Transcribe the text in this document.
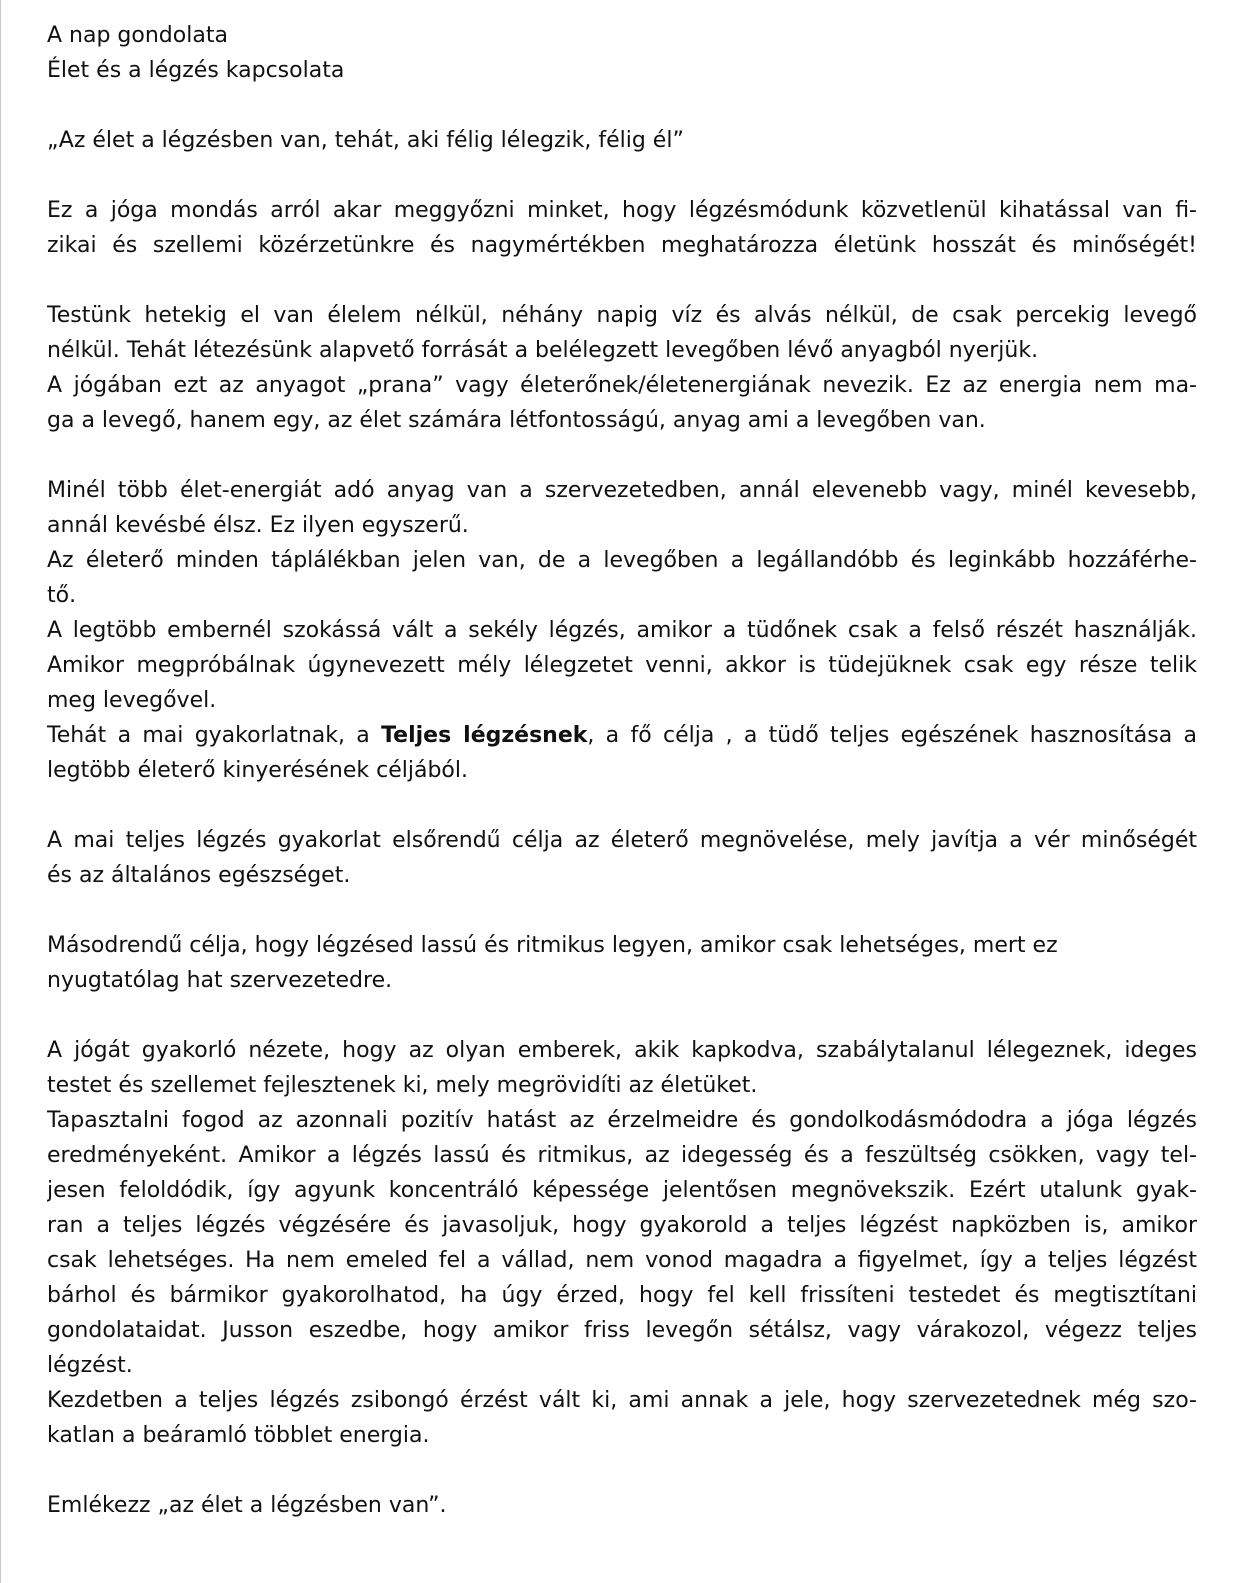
A nap gondolata
Élet és a légzés kapcsolata
„Az élet a légzésben van, tehát, aki félig lélegzik, félig él”
Ez a jóga mondás arról akar meggyőzni minket, hogy légzésmódunk közvetlenül kihatással van fi-
zikai és szellemi közérzetünkre és nagymértékben meghatározza életünk hosszát és minőségét!
Testünk hetekig el van élelem nélkül, néhány napig víz és alvás nélkül, de csak percekig levegő
nélkül. Tehát létezésünk alapvető forrását a belélegzett levegőben lévő anyagból nyerjük.
A jógában ezt az anyagot „prana” vagy életerőnek/életenergiának nevezik. Ez az energia nem ma-
ga a levegő, hanem egy, az élet számára létfontosságú, anyag ami a levegőben van.
Minél több élet-energiát adó anyag van a szervezetedben, annál elevenebb vagy, minél kevesebb,
annál kevésbé élsz. Ez ilyen egyszerű.
Az életerő minden táplálékban jelen van, de a levegőben a legállandóbb és leginkább hozzáférhe-
tő.
A legtöbb embernél szokássá vált a sekély légzés, amikor a tüdőnek csak a felső részét használják.
Amikor megpróbálnak úgynevezett mély lélegzetet venni, akkor is tüdejüknek csak egy része telik
meg levegővel.
Tehát a mai gyakorlatnak, a Teljes légzésnek, a fő célja , a tüdő teljes egészének hasznosítása a
legtöbb életerő kinyerésének céljából.
A mai teljes légzés gyakorlat elsőrendű célja az életerő megnövelése, mely javítja a vér minőségét
és az általános egészséget.
Másodrendű célja, hogy légzésed lassú és ritmikus legyen, amikor csak lehetséges, mert ez
nyugtatólag hat szervezetedre.
A jógát gyakorló nézete, hogy az olyan emberek, akik kapkodva, szabálytalanul lélegeznek, ideges
testet és szellemet fejlesztenek ki, mely megrövidíti az életüket.
Tapasztalni fogod az azonnali pozitív hatást az érzelmeidre és gondolkodásmódodra a jóga légzés
eredményeként. Amikor a légzés lassú és ritmikus, az idegesség és a feszültség csökken, vagy tel-
jesen feloldódik, így agyunk koncentráló képessége jelentősen megnövekszik. Ezért utalunk gyak-
ran a teljes légzés végzésére és javasoljuk, hogy gyakorold a teljes légzést napközben is, amikor
csak lehetséges. Ha nem emeled fel a vállad, nem vonod magadra a figyelmet, így a teljes légzést
bárhol és bármikor gyakorolhatod, ha úgy érzed, hogy fel kell frissíteni testedet és megtisztítani
gondolataidat. Jusson eszedbe, hogy amikor friss levegőn sétálsz, vagy várakozol, végezz teljes
légzést.
Kezdetben a teljes légzés zsibongó érzést vált ki, ami annak a jele, hogy szervezetednek még szo-
katlan a beáramló többlet energia.
Emlékezz „az élet a légzésben van”.
